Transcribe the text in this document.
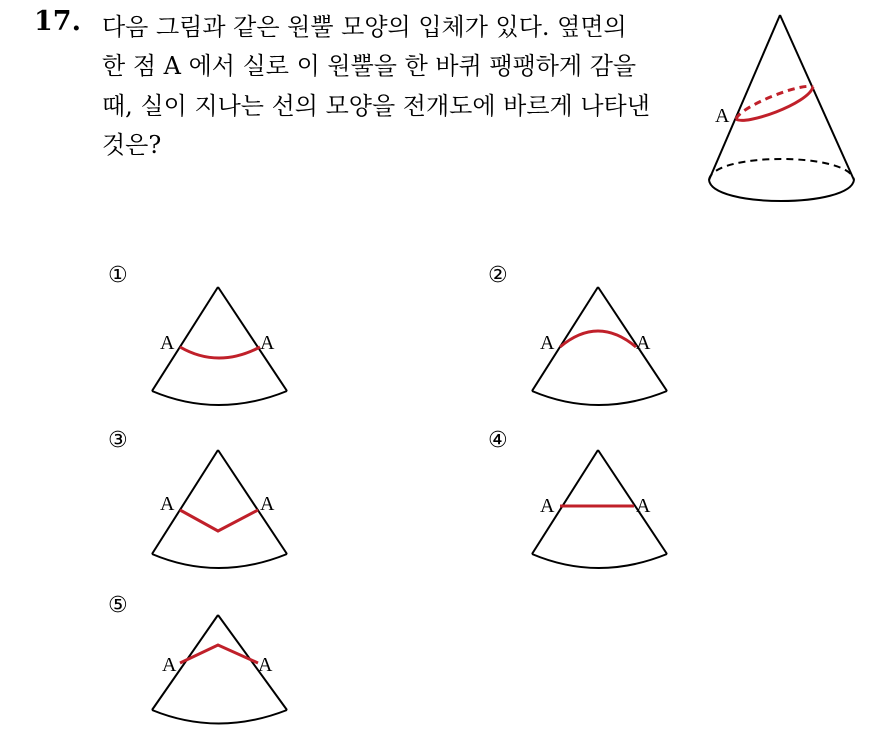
17. 다음 그림과 같은 원뿔 모양의 입체가 있다. 옆면의
한 점 A 에서 실로 이 원뿔을 한 바퀴 팽팽하게 감을
때, 실이 지나는 선의 모양을 전개도에 바르게 나타낸
것은?
A
①
A	A
②
A	A
③
A	A
④
A	A
⑤
A	A
